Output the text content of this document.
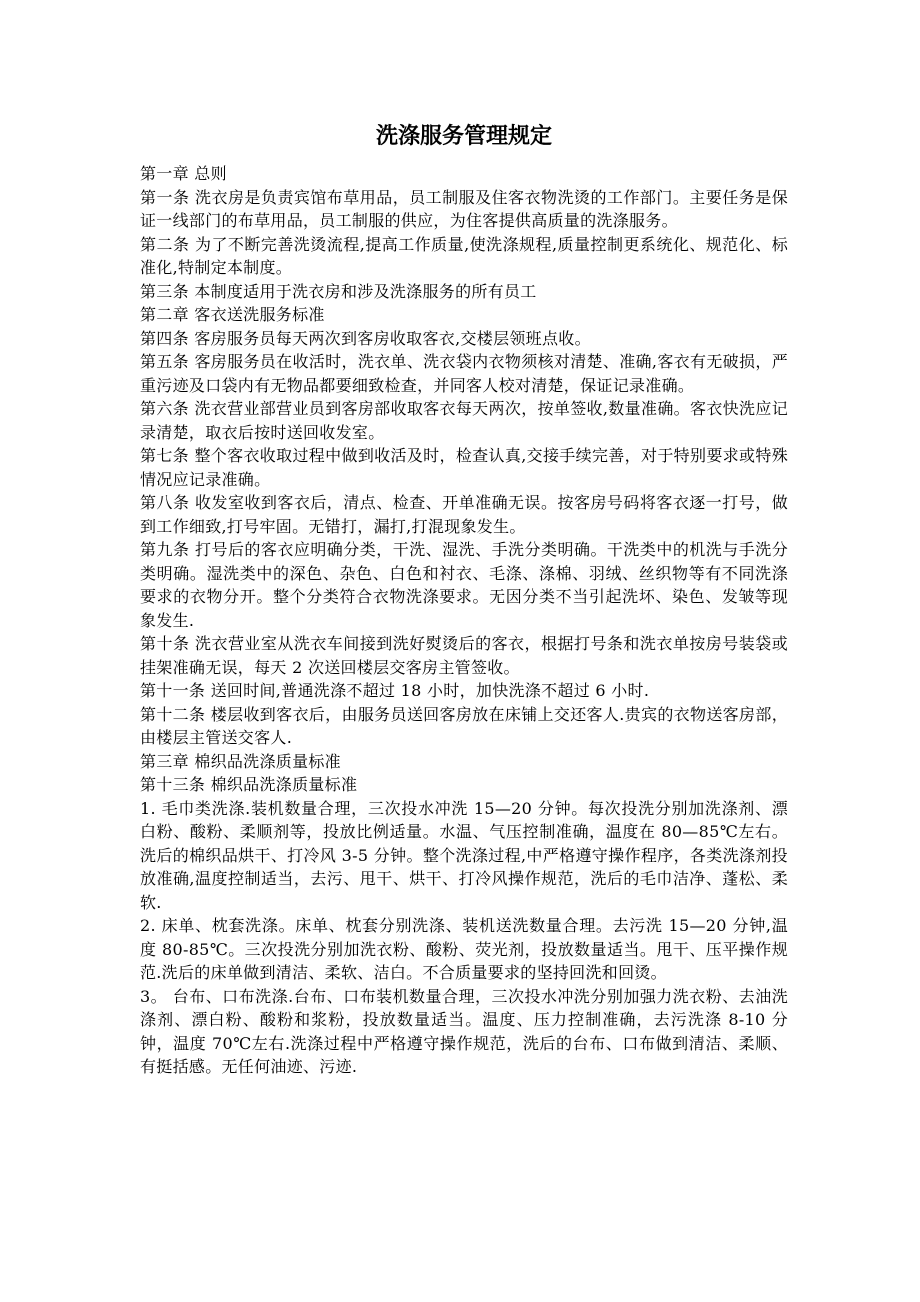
洗涤服务管理规定

第一章 总则

第一条 洗衣房是负责宾馆布草用品，员工制服及住客衣物洗烫的工作部门。主要任务是保证一线部门的布草用品，员工制服的供应，为住客提供高质量的洗涤服务。

第二条 为了不断完善洗烫流程,提高工作质量,使洗涤规程,质量控制更系统化、规范化、标准化,特制定本制度。

第三条 本制度适用于洗衣房和涉及洗涤服务的所有员工

第二章 客衣送洗服务标准

第四条 客房服务员每天两次到客房收取客衣,交楼层领班点收。

第五条 客房服务员在收活时，洗衣单、洗衣袋内衣物须核对清楚、准确,客衣有无破损，严重污迹及口袋内有无物品都要细致检查，并同客人校对清楚，保证记录准确。

第六条 洗衣营业部营业员到客房部收取客衣每天两次，按单签收,数量准确。客衣快洗应记录清楚，取衣后按时送回收发室。

第七条 整个客衣收取过程中做到收活及时，检查认真,交接手续完善，对于特别要求或特殊情况应记录准确。

第八条 收发室收到客衣后，清点、检查、开单准确无误。按客房号码将客衣逐一打号，做到工作细致,打号牢固。无错打，漏打,打混现象发生。

第九条 打号后的客衣应明确分类，干洗、湿洗、手洗分类明确。干洗类中的机洗与手洗分类明确。湿洗类中的深色、杂色、白色和衬衣、毛涤、涤棉、羽绒、丝织物等有不同洗涤要求的衣物分开。整个分类符合衣物洗涤要求。无因分类不当引起洗坏、染色、发皱等现象发生.

第十条 洗衣营业室从洗衣车间接到洗好熨烫后的客衣，根据打号条和洗衣单按房号装袋或挂架准确无误，每天 2 次送回楼层交客房主管签收。

第十一条 送回时间,普通洗涤不超过 18 小时，加快洗涤不超过 6 小时.

第十二条 楼层收到客衣后，由服务员送回客房放在床铺上交还客人.贵宾的衣物送客房部，由楼层主管送交客人.

第三章 棉织品洗涤质量标准

第十三条 棉织品洗涤质量标准

1. 毛巾类洗涤.装机数量合理，三次投水冲洗 15—20 分钟。每次投洗分别加洗涤剂、漂白粉、酸粉、柔顺剂等，投放比例适量。水温、气压控制准确，温度在 80—85℃左右。洗后的棉织品烘干、打冷风 3-5 分钟。整个洗涤过程,中严格遵守操作程序，各类洗涤剂投放准确,温度控制适当，去污、甩干、烘干、打冷风操作规范，洗后的毛巾洁净、蓬松、柔软.

2. 床单、枕套洗涤。床单、枕套分别洗涤、装机送洗数量合理。去污洗 15—20 分钟,温度 80-85℃。三次投洗分别加洗衣粉、酸粉、荧光剂，投放数量适当。甩干、压平操作规范.洗后的床单做到清洁、柔软、洁白。不合质量要求的坚持回洗和回烫。

3。 台布、口布洗涤.台布、口布装机数量合理，三次投水冲洗分别加强力洗衣粉、去油洗涤剂、漂白粉、酸粉和浆粉，投放数量适当。温度、压力控制准确，去污洗涤 8-10 分钟，温度 70℃左右.洗涤过程中严格遵守操作规范，洗后的台布、口布做到清洁、柔顺、有挺括感。无任何油迹、污迹.
